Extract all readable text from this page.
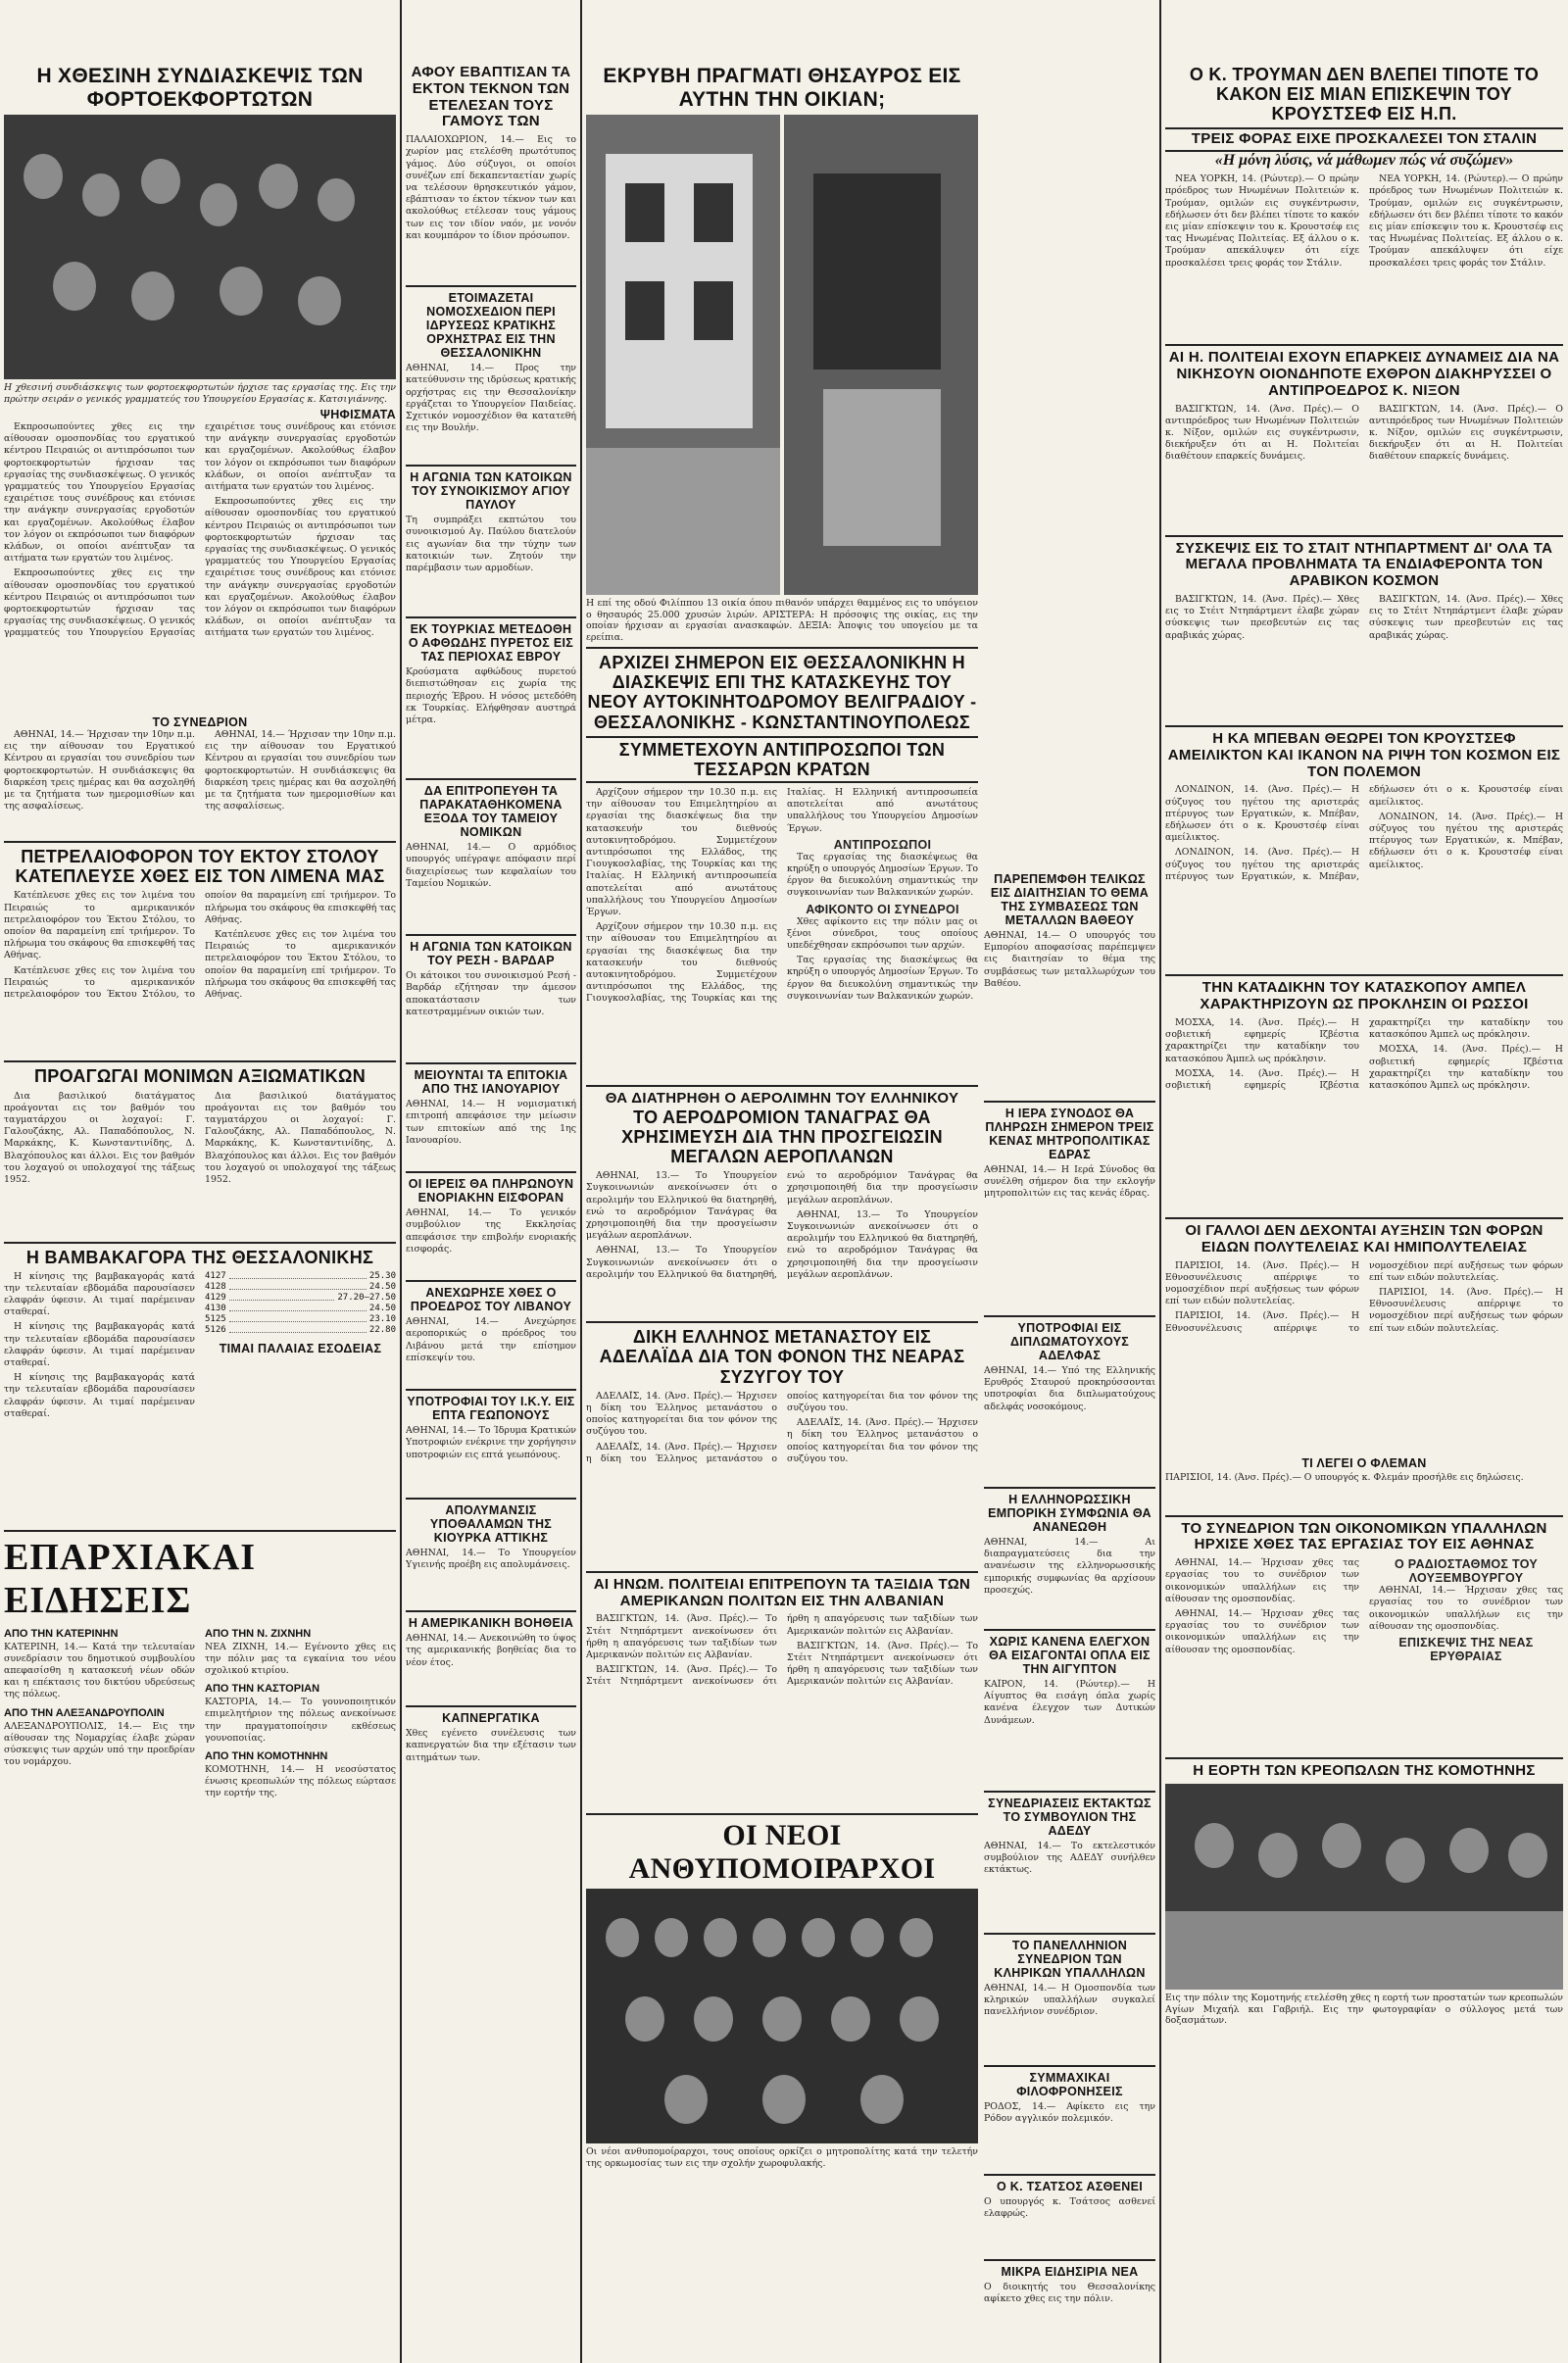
Η ΧΘΕΣΙΝΗ ΣΥΝΔΙΑΣΚΕΨΙΣ ΤΩΝ ΦΟΡΤΟΕΚΦΟΡΤΩΤΩΝ
Η χθεσινή συνδιάσκεψις των φορτοεκφορτωτών ήρχισε τας εργασίας της. Εις την πρώτην σειράν ο γενικός γραμματεύς του Υπουργείου Εργασίας κ. Κατσιγιάννης.
ΨΗΦΙΣΜΑΤΑ

Εκπροσωπούντες χθες εις την αίθουσαν ομοσπονδίας του εργατικού κέντρου Πειραιώς οι αντιπρόσωποι των φορτοεκφορτωτών ήρχισαν τας εργασίας της συνδιασκέψεως. Ο γενικός γραμματεύς του Υπουργείου Εργασίας εχαιρέτισε τους συνέδρους και ετόνισε την ανάγκην συνεργασίας εργοδοτών και εργαζομένων. Ακολούθως έλαβον τον λόγον οι εκπρόσωποι των διαφόρων κλάδων, οι οποίοι ανέπτυξαν τα αιτήματα των εργατών του λιμένος.

Εκπροσωπούντες χθες εις την αίθουσαν ομοσπονδίας του εργατικού κέντρου Πειραιώς οι αντιπρόσωποι των φορτοεκφορτωτών ήρχισαν τας εργασίας της συνδιασκέψεως. Ο γενικός γραμματεύς του Υπουργείου Εργασίας εχαιρέτισε τους συνέδρους και ετόνισε την ανάγκην συνεργασίας εργοδοτών και εργαζομένων. Ακολούθως έλαβον τον λόγον οι εκπρόσωποι των διαφόρων κλάδων, οι οποίοι ανέπτυξαν τα αιτήματα των εργατών του λιμένος.

Εκπροσωπούντες χθες εις την αίθουσαν ομοσπονδίας του εργατικού κέντρου Πειραιώς οι αντιπρόσωποι των φορτοεκφορτωτών ήρχισαν τας εργασίας της συνδιασκέψεως. Ο γενικός γραμματεύς του Υπουργείου Εργασίας εχαιρέτισε τους συνέδρους και ετόνισε την ανάγκην συνεργασίας εργοδοτών και εργαζομένων. Ακολούθως έλαβον τον λόγον οι εκπρόσωποι των διαφόρων κλάδων, οι οποίοι ανέπτυξαν τα αιτήματα των εργατών του λιμένος.

ΤΟ ΣΥΝΕΔΡΙΟΝ

ΑΘΗΝΑΙ, 14.— Ήρχισαν την 10ην π.μ. εις την αίθουσαν του Εργατικού Κέντρου αι εργασίαι του συνεδρίου των φορτοεκφορτωτών. Η συνδιάσκεψις θα διαρκέση τρεις ημέρας και θα ασχοληθή με τα ζητήματα των ημερομισθίων και της ασφαλίσεως.

ΑΘΗΝΑΙ, 14.— Ήρχισαν την 10ην π.μ. εις την αίθουσαν του Εργατικού Κέντρου αι εργασίαι του συνεδρίου των φορτοεκφορτωτών. Η συνδιάσκεψις θα διαρκέση τρεις ημέρας και θα ασχοληθή με τα ζητήματα των ημερομισθίων και της ασφαλίσεως.

ΠΕΤΡΕΛΑΙΟΦΟΡΟΝ ΤΟΥ ΕΚΤΟΥ ΣΤΟΛΟΥ ΚΑΤΕΠΛΕΥΣΕ ΧΘΕΣ ΕΙΣ ΤΟΝ ΛΙΜΕΝΑ ΜΑΣ

Κατέπλευσε χθες εις τον λιμένα του Πειραιώς το αμερικανικόν πετρελαιοφόρον του Έκτου Στόλου, το οποίον θα παραμείνη επί τριήμερον. Το πλήρωμα του σκάφους θα επισκεφθή τας Αθήνας.

Κατέπλευσε χθες εις τον λιμένα του Πειραιώς το αμερικανικόν πετρελαιοφόρον του Έκτου Στόλου, το οποίον θα παραμείνη επί τριήμερον. Το πλήρωμα του σκάφους θα επισκεφθή τας Αθήνας.

Κατέπλευσε χθες εις τον λιμένα του Πειραιώς το αμερικανικόν πετρελαιοφόρον του Έκτου Στόλου, το οποίον θα παραμείνη επί τριήμερον. Το πλήρωμα του σκάφους θα επισκεφθή τας Αθήνας.

ΠΡΟΑΓΩΓΑΙ ΜΟΝΙΜΩΝ ΑΞΙΩΜΑΤΙΚΩΝ

Δια βασιλικού διατάγματος προάγονται εις τον βαθμόν του ταγματάρχου οι λοχαγοί: Γ. Γαλουζάκης, Αλ. Παπαδόπουλος, Ν. Μαρκάκης, Κ. Κωνσταντινίδης, Δ. Βλαχόπουλος και άλλοι. Εις τον βαθμόν του λοχαγού οι υπολοχαγοί της τάξεως 1952.

Δια βασιλικού διατάγματος προάγονται εις τον βαθμόν του ταγματάρχου οι λοχαγοί: Γ. Γαλουζάκης, Αλ. Παπαδόπουλος, Ν. Μαρκάκης, Κ. Κωνσταντινίδης, Δ. Βλαχόπουλος και άλλοι. Εις τον βαθμόν του λοχαγού οι υπολοχαγοί της τάξεως 1952.

Η ΒΑΜΒΑΚΑΓΟΡΑ ΤΗΣ ΘΕΣΣΑΛΟΝΙΚΗΣ

Η κίνησις της βαμβακαγοράς κατά την τελευταίαν εβδομάδα παρουσίασεν ελαφράν ύφεσιν. Αι τιμαί παρέμειναν σταθεραί.

Η κίνησις της βαμβακαγοράς κατά την τελευταίαν εβδομάδα παρουσίασεν ελαφράν ύφεσιν. Αι τιμαί παρέμειναν σταθεραί.

Η κίνησις της βαμβακαγοράς κατά την τελευταίαν εβδομάδα παρουσίασεν ελαφράν ύφεσιν. Αι τιμαί παρέμειναν σταθεραί.

4127	25.30
4128	24.50
4129	27.20—27.50
4130	24.50
5125	23.10
5126	22.80
ΤΙΜΑΙ ΠΑΛΑΙΑΣ ΕΣΟΔΕΙΑΣ
ΕΠΑΡΧΙΑΚΑΙ ΕΙΔΗΣΕΙΣ
ΑΠΟ ΤΗΝ ΚΑΤΕΡΙΝΗΝ
ΚΑΤΕΡΙΝΗ, 14.— Κατά την τελευταίαν συνεδρίασιν του δημοτικού συμβουλίου απεφασίσθη η κατασκευή νέων οδών και η επέκτασις του δικτύου υδρεύσεως της πόλεως.
ΑΠΟ ΤΗΝ ΑΛΕΞΑΝΔΡΟΥΠΟΛΙΝ
ΑΛΕΞΑΝΔΡΟΥΠΟΛΙΣ, 14.— Εις την αίθουσαν της Νομαρχίας έλαβε χώραν σύσκεψις των αρχών υπό την προεδρίαν του νομάρχου.
ΑΠΟ ΤΗΝ Ν. ΖΙΧΝΗΝ
ΝΕΑ ΖΙΧΝΗ, 14.— Εγένοντο χθες εις την πόλιν μας τα εγκαίνια του νέου σχολικού κτιρίου.
ΑΠΟ ΤΗΝ ΚΑΣΤΟΡΙΑΝ
ΚΑΣΤΟΡΙΑ, 14.— Το γουνοποιητικόν επιμελητήριον της πόλεως ανεκοίνωσε την πραγματοποίησιν εκθέσεως γουνοποιίας.
ΑΠΟ ΤΗΝ ΚΟΜΟΤΗΝΗΝ
ΚΟΜΟΤΗΝΗ, 14.— Η νεοσύστατος ένωσις κρεοπωλών της πόλεως εώρτασε την εορτήν της.
ΑΦΟΥ ΕΒΑΠΤΙΣΑΝ ΤΑ ΕΚΤΟΝ ΤΕΚΝΟΝ ΤΩΝ ΕΤΕΛΕΣΑΝ ΤΟΥΣ ΓΑΜΟΥΣ ΤΩΝ
ΠΑΛΑΙΟΧΩΡΙΟΝ, 14.— Εις το χωρίον μας ετελέσθη πρωτότυπος γάμος. Δύο σύζυγοι, οι οποίοι συνέζων επί δεκαπενταετίαν χωρίς να τελέσουν θρησκευτικόν γάμον, εβάπτισαν το έκτον τέκνον των και ακολούθως ετέλεσαν τους γάμους των εις τον ιδίον ναόν, με νονόν και κουμπάρον το ίδιον πρόσωπον.
ΕΤΟΙΜΑΖΕΤΑΙ ΝΟΜΟΣΧΕΔΙΟΝ ΠΕΡΙ ΙΔΡΥΣΕΩΣ ΚΡΑΤΙΚΗΣ ΟΡΧΗΣΤΡΑΣ ΕΙΣ ΤΗΝ ΘΕΣΣΑΛΟΝΙΚΗΝ
ΑΘΗΝΑΙ, 14.— Προς την κατεύθυνσιν της ιδρύσεως κρατικής ορχήστρας εις την Θεσσαλονίκην εργάζεται το Υπουργείον Παιδείας. Σχετικόν νομοσχέδιον θα κατατεθή εις την Βουλήν.
Η ΑΓΩΝΙΑ ΤΩΝ ΚΑΤΟΙΚΩΝ ΤΟΥ ΣΥΝΟΙΚΙΣΜΟΥ ΑΓΙΟΥ ΠΑΥΛΟΥ
Τη συμπράξει εκπτώτου του συνοικισμού Αγ. Παύλου διατελούν εις αγωνίαν δια την τύχην των κατοικιών των. Ζητούν την παρέμβασιν των αρμοδίων.
ΕΚ ΤΟΥΡΚΙΑΣ ΜΕΤΕΔΟΘΗ Ο ΑΦΘΩΔΗΣ ΠΥΡΕΤΟΣ ΕΙΣ ΤΑΣ ΠΕΡΙΟΧΑΣ ΕΒΡΟΥ
Κρούσματα αφθώδους πυρετού διεπιστώθησαν εις χωρία της περιοχής Έβρου. Η νόσος μετεδόθη εκ Τουρκίας. Ελήφθησαν αυστηρά μέτρα.
ΔΑ ΕΠΙΤΡΟΠΕΥΘΗ ΤΑ ΠΑΡΑΚΑΤΑΘΗΚΟΜΕΝΑ ΕΞΟΔΑ ΤΟΥ ΤΑΜΕΙΟΥ ΝΟΜΙΚΩΝ
ΑΘΗΝΑΙ, 14.— Ο αρμόδιος υπουργός υπέγραψε απόφασιν περί διαχειρίσεως των κεφαλαίων του Ταμείου Νομικών.
Η ΑΓΩΝΙΑ ΤΩΝ ΚΑΤΟΙΚΩΝ ΤΟΥ ΡΕΣΗ - ΒΑΡΔΑΡ
Οι κάτοικοι του συνοικισμού Ρεσή - Βαρδάρ εζήτησαν την άμεσον αποκατάστασιν των κατεστραμμένων οικιών των.
ΜΕΙΟΥΝΤΑΙ ΤΑ ΕΠΙΤΟΚΙΑ ΑΠΟ ΤΗΣ ΙΑΝΟΥΑΡΙΟΥ
ΑΘΗΝΑΙ, 14.— Η νομισματική επιτροπή απεφάσισε την μείωσιν των επιτοκίων από της 1ης Ιανουαρίου.
ΟΙ ΙΕΡΕΙΣ ΘΑ ΠΛΗΡΩΝΟΥΝ ΕΝΟΡΙΑΚΗΝ ΕΙΣΦΟΡΑΝ
ΑΘΗΝΑΙ, 14.— Το γενικόν συμβούλιον της Εκκλησίας απεφάσισε την επιβολήν ενοριακής εισφοράς.
ΑΝΕΧΩΡΗΣΕ ΧΘΕΣ Ο ΠΡΟΕΔΡΟΣ ΤΟΥ ΛΙΒΑΝΟΥ
ΑΘΗΝΑΙ, 14.— Ανεχώρησε αεροπορικώς ο πρόεδρος του Λιβάνου μετά την επίσημον επίσκεψίν του.
ΥΠΟΤΡΟΦΙΑΙ ΤΟΥ Ι.Κ.Υ. ΕΙΣ ΕΠΤΑ ΓΕΩΠΟΝΟΥΣ
ΑΘΗΝΑΙ, 14.— Το Ίδρυμα Κρατικών Υποτροφιών ενέκρινε την χορήγησιν υποτροφιών εις επτά γεωπόνους.
ΑΠΟΛΥΜΑΝΣΙΣ ΥΠΟΘΑΛΑΜΩΝ ΤΗΣ ΚΙΟΥΡΚΑ ΑΤΤΙΚΗΣ
ΑΘΗΝΑΙ, 14.— Το Υπουργείον Υγιεινής προέβη εις απολυμάνσεις.
Η ΑΜΕΡΙΚΑΝΙΚΗ ΒΟΗΘΕΙΑ
ΑΘΗΝΑΙ, 14.— Ανεκοινώθη το ύψος της αμερικανικής βοηθείας δια το νέον έτος.
ΚΑΠΝΕΡΓΑΤΙΚΑ
Χθες εγένετο συνέλευσις των καπνεργατών δια την εξέτασιν των αιτημάτων των.
ΕΚΡΥΒΗ ΠΡΑΓΜΑΤΙ ΘΗΣΑΥΡΟΣ ΕΙΣ ΑΥΤΗΝ ΤΗΝ ΟΙΚΙΑΝ;
Η επί της οδού Φιλίππου 13 οικία όπου πιθανόν υπάρχει θαμμένος εις το υπόγειον ο θησαυρός 25.000 χρυσών λιρών. ΑΡΙΣΤΕΡΑ: Η πρόσοψις της οικίας, εις την οποίαν ήρχισαν αι εργασίαι ανασκαφών. ΔΕΞΙΑ: Άποψις του υπογείου με τα ερείπια.
ΑΡΧΙΖΕΙ ΣΗΜΕΡΟΝ ΕΙΣ ΘΕΣΣΑΛΟΝΙΚΗΝ Η ΔΙΑΣΚΕΨΙΣ ΕΠΙ ΤΗΣ ΚΑΤΑΣΚΕΥΗΣ ΤΟΥ ΝΕΟΥ ΑΥΤΟΚΙΝΗΤΟΔΡΟΜΟΥ ΒΕΛΙΓΡΑΔΙΟΥ - ΘΕΣΣΑΛΟΝΙΚΗΣ - ΚΩΝΣΤΑΝΤΙΝΟΥΠΟΛΕΩΣ
ΣΥΜΜΕΤΕΧΟΥΝ ΑΝΤΙΠΡΟΣΩΠΟΙ ΤΩΝ ΤΕΣΣΑΡΩΝ ΚΡΑΤΩΝ

Αρχίζουν σήμερον την 10.30 π.μ. εις την αίθουσαν του Επιμελητηρίου αι εργασίαι της διασκέψεως δια την κατασκευήν του διεθνούς αυτοκινητοδρόμου. Συμμετέχουν αντιπρόσωποι της Ελλάδος, της Γιουγκοσλαβίας, της Τουρκίας και της Ιταλίας. Η Ελληνική αντιπροσωπεία αποτελείται από ανωτάτους υπαλλήλους του Υπουργείου Δημοσίων Έργων.

Αρχίζουν σήμερον την 10.30 π.μ. εις την αίθουσαν του Επιμελητηρίου αι εργασίαι της διασκέψεως δια την κατασκευήν του διεθνούς αυτοκινητοδρόμου. Συμμετέχουν αντιπρόσωποι της Ελλάδος, της Γιουγκοσλαβίας, της Τουρκίας και της Ιταλίας. Η Ελληνική αντιπροσωπεία αποτελείται από ανωτάτους υπαλλήλους του Υπουργείου Δημοσίων Έργων.

ΑΝΤΙΠΡΟΣΩΠΟΙ

Τας εργασίας της διασκέψεως θα κηρύξη ο υπουργός Δημοσίων Έργων. Το έργον θα διευκολύνη σημαντικώς την συγκοινωνίαν των Βαλκανικών χωρών.

ΑΦΙΚΟΝΤΟ ΟΙ ΣΥΝΕΔΡΟΙ

Χθες αφίκοντο εις την πόλιν μας οι ξένοι σύνεδροι, τους οποίους υπεδέχθησαν εκπρόσωποι των αρχών.

Τας εργασίας της διασκέψεως θα κηρύξη ο υπουργός Δημοσίων Έργων. Το έργον θα διευκολύνη σημαντικώς την συγκοινωνίαν των Βαλκανικών χωρών.

ΘΑ ΔΙΑΤΗΡΗΘΗ Ο ΑΕΡΟΛΙΜΗΝ ΤΟΥ ΕΛΛΗΝΙΚΟΥ
ΤΟ ΑΕΡΟΔΡΟΜΙΟΝ ΤΑΝΑΓΡΑΣ ΘΑ ΧΡΗΣΙΜΕΥΣΗ ΔΙΑ ΤΗΝ ΠΡΟΣΓΕΙΩΣΙΝ ΜΕΓΑΛΩΝ ΑΕΡΟΠΛΑΝΩΝ

ΑΘΗΝΑΙ, 13.— Το Υπουργείον Συγκοινωνιών ανεκοίνωσεν ότι ο αερολιμήν του Ελληνικού θα διατηρηθή, ενώ το αεροδρόμιον Τανάγρας θα χρησιμοποιηθή δια την προσγείωσιν μεγάλων αεροπλάνων.

ΑΘΗΝΑΙ, 13.— Το Υπουργείον Συγκοινωνιών ανεκοίνωσεν ότι ο αερολιμήν του Ελληνικού θα διατηρηθή, ενώ το αεροδρόμιον Τανάγρας θα χρησιμοποιηθή δια την προσγείωσιν μεγάλων αεροπλάνων.

ΑΘΗΝΑΙ, 13.— Το Υπουργείον Συγκοινωνιών ανεκοίνωσεν ότι ο αερολιμήν του Ελληνικού θα διατηρηθή, ενώ το αεροδρόμιον Τανάγρας θα χρησιμοποιηθή δια την προσγείωσιν μεγάλων αεροπλάνων.

ΔΙΚΗ ΕΛΛΗΝΟΣ ΜΕΤΑΝΑΣΤΟΥ ΕΙΣ ΑΔΕΛΑΪΔΑ ΔΙΑ ΤΟΝ ΦΟΝΟΝ ΤΗΣ ΝΕΑΡΑΣ ΣΥΖΥΓΟΥ ΤΟΥ

ΑΔΕΛΑΪΣ, 14. (Άνσ. Πρές).— Ήρχισεν η δίκη του Έλληνος μετανάστου ο οποίος κατηγορείται δια τον φόνον της συζύγου του.

ΑΔΕΛΑΪΣ, 14. (Άνσ. Πρές).— Ήρχισεν η δίκη του Έλληνος μετανάστου ο οποίος κατηγορείται δια τον φόνον της συζύγου του.

ΑΔΕΛΑΪΣ, 14. (Άνσ. Πρές).— Ήρχισεν η δίκη του Έλληνος μετανάστου ο οποίος κατηγορείται δια τον φόνον της συζύγου του.

ΑΙ ΗΝΩΜ. ΠΟΛΙΤΕΙΑΙ ΕΠΙΤΡΕΠΟΥΝ ΤΑ ΤΑΞΙΔΙΑ ΤΩΝ ΑΜΕΡΙΚΑΝΩΝ ΠΟΛΙΤΩΝ ΕΙΣ ΤΗΝ ΑΛΒΑΝΙΑΝ

ΒΑΣΙΓΚΤΩΝ, 14. (Άνσ. Πρές).— Το Στέιτ Ντηπάρτμεντ ανεκοίνωσεν ότι ήρθη η απαγόρευσις των ταξιδίων των Αμερικανών πολιτών εις Αλβανίαν.

ΒΑΣΙΓΚΤΩΝ, 14. (Άνσ. Πρές).— Το Στέιτ Ντηπάρτμεντ ανεκοίνωσεν ότι ήρθη η απαγόρευσις των ταξιδίων των Αμερικανών πολιτών εις Αλβανίαν.

ΒΑΣΙΓΚΤΩΝ, 14. (Άνσ. Πρές).— Το Στέιτ Ντηπάρτμεντ ανεκοίνωσεν ότι ήρθη η απαγόρευσις των ταξιδίων των Αμερικανών πολιτών εις Αλβανίαν.

ΟΙ ΝΕΟΙ ΑΝΘΥΠΟΜΟΙΡΑΡΧΟΙ
Οι νέοι ανθυπομοίραρχοι, τους οποίους ορκίζει ο μητροπολίτης κατά την τελετήν της ορκωμοσίας των εις την σχολήν χωροφυλακής.
ΠΑΡΕΠΕΜΦΘΗ ΤΕΛΙΚΩΣ ΕΙΣ ΔΙΑΙΤΗΣΙΑΝ ΤΟ ΘΕΜΑ ΤΗΣ ΣΥΜΒΑΣΕΩΣ ΤΩΝ ΜΕΤΑΛΛΩΝ ΒΑΘΕΟΥ
ΑΘΗΝΑΙ, 14.— Ο υπουργός του Εμπορίου αποφασίσας παρέπεμψεν εις διαιτησίαν το θέμα της συμβάσεως των μεταλλωρύχων του Βαθέου.
Η ΙΕΡΑ ΣΥΝΟΔΟΣ ΘΑ ΠΛΗΡΩΣΗ ΣΗΜΕΡΟΝ ΤΡΕΙΣ ΚΕΝΑΣ ΜΗΤΡΟΠΟΛΙΤΙΚΑΣ ΕΔΡΑΣ
ΑΘΗΝΑΙ, 14.— Η Ιερά Σύνοδος θα συνέλθη σήμερον δια την εκλογήν μητροπολιτών εις τας κενάς έδρας.
ΥΠΟΤΡΟΦΙΑΙ ΕΙΣ ΔΙΠΛΩΜΑΤΟΥΧΟΥΣ ΑΔΕΛΦΑΣ
ΑΘΗΝΑΙ, 14.— Υπό της Ελληνικής Ερυθρός Σταυρού προκηρύσσονται υποτροφίαι δια διπλωματούχους αδελφάς νοσοκόμους.
Η ΕΛΛΗΝΟΡΩΣΣΙΚΗ ΕΜΠΟΡΙΚΗ ΣΥΜΦΩΝΙΑ ΘΑ ΑΝΑΝΕΩΘΗ
ΑΘΗΝΑΙ, 14.— Αι διαπραγματεύσεις δια την ανανέωσιν της ελληνορωσσικής εμπορικής συμφωνίας θα αρχίσουν προσεχώς.
ΧΩΡΙΣ ΚΑΝΕΝΑ ΕΛΕΓΧΟΝ ΘΑ ΕΙΣΑΓΟΝΤΑΙ ΟΠΛΑ ΕΙΣ ΤΗΝ ΑΙΓΥΠΤΟΝ
ΚΑΪΡΟΝ, 14. (Ρώυτερ).— Η Αίγυπτος θα εισάγη όπλα χωρίς κανένα έλεγχον των Δυτικών Δυνάμεων.
ΣΥΝΕΔΡΙΑΣΕΙΣ ΕΚΤΑΚΤΩΣ ΤΟ ΣΥΜΒΟΥΛΙΟΝ ΤΗΣ ΑΔΕΔΥ
ΑΘΗΝΑΙ, 14.— Το εκτελεστικόν συμβούλιον της ΑΔΕΔΥ συνήλθεν εκτάκτως.
ΤΟ ΠΑΝΕΛΛΗΝΙΟΝ ΣΥΝΕΔΡΙΟΝ ΤΩΝ ΚΛΗΡΙΚΩΝ ΥΠΑΛΛΗΛΩΝ
ΑΘΗΝΑΙ, 14.— Η Ομοσπονδία των κληρικών υπαλλήλων συγκαλεί πανελλήνιον συνέδριον.
ΣΥΜΜΑΧΙΚΑΙ ΦΙΛΟΦΡΟΝΗΣΕΙΣ
ΡΟΔΟΣ, 14.— Αφίκετο εις την Ρόδον αγγλικόν πολεμικόν.
Ο Κ. ΤΣΑΤΣΟΣ ΑΣΘΕΝΕΙ
Ο υπουργός κ. Τσάτσος ασθενεί ελαφρώς.
ΜΙΚΡΑ ΕΙΔΗΣΙΡΙΑ ΝΕΑ
Ο διοικητής του Θεσσαλονίκης αφίκετο χθες εις την πόλιν.
Ο Κ. ΤΡΟΥΜΑΝ ΔΕΝ ΒΛΕΠΕΙ ΤΙΠΟΤΕ ΤΟ ΚΑΚΟΝ ΕΙΣ ΜΙΑΝ ΕΠΙΣΚΕΨΙΝ ΤΟΥ ΚΡΟΥΣΤΣΕΦ ΕΙΣ Η.Π.
ΤΡΕΙΣ ΦΟΡΑΣ ΕΙΧΕ ΠΡΟΣΚΑΛΕΣΕΙ ΤΟΝ ΣΤΑΛΙΝ
«Η μόνη λύσις, νά μάθωμεν πώς νά συζώμεν»

ΝΕΑ ΥΟΡΚΗ, 14. (Ρώυτερ).— Ο πρώην πρόεδρος των Ηνωμένων Πολιτειών κ. Τρούμαν, ομιλών εις συγκέντρωσιν, εδήλωσεν ότι δεν βλέπει τίποτε το κακόν εις μίαν επίσκεψιν του κ. Κρουστσέφ εις τας Ηνωμένας Πολιτείας. Εξ άλλου ο κ. Τρούμαν απεκάλυψεν ότι είχε προσκαλέσει τρεις φοράς τον Στάλιν.

ΝΕΑ ΥΟΡΚΗ, 14. (Ρώυτερ).— Ο πρώην πρόεδρος των Ηνωμένων Πολιτειών κ. Τρούμαν, ομιλών εις συγκέντρωσιν, εδήλωσεν ότι δεν βλέπει τίποτε το κακόν εις μίαν επίσκεψιν του κ. Κρουστσέφ εις τας Ηνωμένας Πολιτείας. Εξ άλλου ο κ. Τρούμαν απεκάλυψεν ότι είχε προσκαλέσει τρεις φοράς τον Στάλιν.

ΑΙ Η. ΠΟΛΙΤΕΙΑΙ ΕΧΟΥΝ ΕΠΑΡΚΕΙΣ ΔΥΝΑΜΕΙΣ ΔΙΑ ΝΑ ΝΙΚΗΣΟΥΝ ΟΙΟΝΔΗΠΟΤΕ ΕΧΘΡΟΝ ΔΙΑΚΗΡΥΣΣΕΙ Ο ΑΝΤΙΠΡΟΕΔΡΟΣ Κ. ΝΙΞΟΝ

ΒΑΣΙΓΚΤΩΝ, 14. (Άνσ. Πρές).— Ο αντιπρόεδρος των Ηνωμένων Πολιτειών κ. Νίξον, ομιλών εις συγκέντρωσιν, διεκήρυξεν ότι αι Η. Πολιτείαι διαθέτουν επαρκείς δυνάμεις.

ΒΑΣΙΓΚΤΩΝ, 14. (Άνσ. Πρές).— Ο αντιπρόεδρος των Ηνωμένων Πολιτειών κ. Νίξον, ομιλών εις συγκέντρωσιν, διεκήρυξεν ότι αι Η. Πολιτείαι διαθέτουν επαρκείς δυνάμεις.

ΣΥΣΚΕΨΙΣ ΕΙΣ ΤΟ ΣΤΑΙΤ ΝΤΗΠΑΡΤΜΕΝΤ ΔΙ' ΟΛΑ ΤΑ ΜΕΓΑΛΑ ΠΡΟΒΛΗΜΑΤΑ ΤΑ ΕΝΔΙΑΦΕΡΟΝΤΑ ΤΟΝ ΑΡΑΒΙΚΟΝ ΚΟΣΜΟΝ

ΒΑΣΙΓΚΤΩΝ, 14. (Άνσ. Πρές).— Χθες εις το Στέιτ Ντηπάρτμεντ έλαβε χώραν σύσκεψις των πρεσβευτών εις τας αραβικάς χώρας.

ΒΑΣΙΓΚΤΩΝ, 14. (Άνσ. Πρές).— Χθες εις το Στέιτ Ντηπάρτμεντ έλαβε χώραν σύσκεψις των πρεσβευτών εις τας αραβικάς χώρας.

Η ΚΑ ΜΠΕΒΑΝ ΘΕΩΡΕΙ ΤΟΝ ΚΡΟΥΣΤΣΕΦ ΑΜΕΙΛΙΚΤΟΝ ΚΑΙ ΙΚΑΝΟΝ ΝΑ ΡΙΨΗ ΤΟΝ ΚΟΣΜΟΝ ΕΙΣ ΤΟΝ ΠΟΛΕΜΟΝ

ΛΟΝΔΙΝΟΝ, 14. (Άνσ. Πρές).— Η σύζυγος του ηγέτου της αριστεράς πτέρυγος των Εργατικών, κ. Μπέβαν, εδήλωσεν ότι ο κ. Κρουστσέφ είναι αμείλικτος.

ΛΟΝΔΙΝΟΝ, 14. (Άνσ. Πρές).— Η σύζυγος του ηγέτου της αριστεράς πτέρυγος των Εργατικών, κ. Μπέβαν, εδήλωσεν ότι ο κ. Κρουστσέφ είναι αμείλικτος.

ΛΟΝΔΙΝΟΝ, 14. (Άνσ. Πρές).— Η σύζυγος του ηγέτου της αριστεράς πτέρυγος των Εργατικών, κ. Μπέβαν, εδήλωσεν ότι ο κ. Κρουστσέφ είναι αμείλικτος.

ΤΗΝ ΚΑΤΑΔΙΚΗΝ ΤΟΥ ΚΑΤΑΣΚΟΠΟΥ ΑΜΠΕΛ ΧΑΡΑΚΤΗΡΙΖΟΥΝ ΩΣ ΠΡΟΚΛΗΣΙΝ ΟΙ ΡΩΣΣΟΙ

ΜΟΣΧΑ, 14. (Άνσ. Πρές).— Η σοβιετική εφημερίς Ιζβέστια χαρακτηρίζει την καταδίκην του κατασκόπου Άμπελ ως πρόκλησιν.

ΜΟΣΧΑ, 14. (Άνσ. Πρές).— Η σοβιετική εφημερίς Ιζβέστια χαρακτηρίζει την καταδίκην του κατασκόπου Άμπελ ως πρόκλησιν.

ΜΟΣΧΑ, 14. (Άνσ. Πρές).— Η σοβιετική εφημερίς Ιζβέστια χαρακτηρίζει την καταδίκην του κατασκόπου Άμπελ ως πρόκλησιν.

ΟΙ ΓΑΛΛΟΙ ΔΕΝ ΔΕΧΟΝΤΑΙ ΑΥΞΗΣΙΝ ΤΩΝ ΦΟΡΩΝ ΕΙΔΩΝ ΠΟΛΥΤΕΛΕΙΑΣ ΚΑΙ ΗΜΙΠΟΛΥΤΕΛΕΙΑΣ

ΠΑΡΙΣΙΟΙ, 14. (Άνσ. Πρές).— Η Εθνοσυνέλευσις απέρριψε το νομοσχέδιον περί αυξήσεως των φόρων επί των ειδών πολυτελείας.

ΠΑΡΙΣΙΟΙ, 14. (Άνσ. Πρές).— Η Εθνοσυνέλευσις απέρριψε το νομοσχέδιον περί αυξήσεως των φόρων επί των ειδών πολυτελείας.

ΠΑΡΙΣΙΟΙ, 14. (Άνσ. Πρές).— Η Εθνοσυνέλευσις απέρριψε το νομοσχέδιον περί αυξήσεως των φόρων επί των ειδών πολυτελείας.

ΤΙ ΛΕΓΕΙ Ο ΦΛΕΜΑΝ
ΠΑΡΙΣΙΟΙ, 14. (Άνσ. Πρές).— Ο υπουργός κ. Φλεμάν προσήλθε εις δηλώσεις.
ΤΟ ΣΥΝΕΔΡΙΟΝ ΤΩΝ ΟΙΚΟΝΟΜΙΚΩΝ ΥΠΑΛΛΗΛΩΝ ΗΡΧΙΣΕ ΧΘΕΣ ΤΑΣ ΕΡΓΑΣΙΑΣ ΤΟΥ ΕΙΣ ΑΘΗΝΑΣ

ΑΘΗΝΑΙ, 14.— Ήρχισαν χθες τας εργασίας του το συνέδριον των οικονομικών υπαλλήλων εις την αίθουσαν της ομοσπονδίας.

ΑΘΗΝΑΙ, 14.— Ήρχισαν χθες τας εργασίας του το συνέδριον των οικονομικών υπαλλήλων εις την αίθουσαν της ομοσπονδίας.

Ο ΡΑΔΙΟΣΤΑΘΜΟΣ ΤΟΥ ΛΟΥΞΕΜΒΟΥΡΓΟΥ

ΑΘΗΝΑΙ, 14.— Ήρχισαν χθες τας εργασίας του το συνέδριον των οικονομικών υπαλλήλων εις την αίθουσαν της ομοσπονδίας.

ΕΠΙΣΚΕΨΙΣ ΤΗΣ ΝΕΑΣ ΕΡΥΘΡΑΙΑΣ
Η ΕΟΡΤΗ ΤΩΝ ΚΡΕΟΠΩΛΩΝ ΤΗΣ ΚΟΜΟΤΗΝΗΣ
Εις την πόλιν της Κομοτηνής ετελέσθη χθες η εορτή των προστατών των κρεοπωλών Αγίων Μιχαήλ και Γαβριήλ. Εις την φωτογραφίαν ο σύλλογος μετά των δοξασμάτων.
